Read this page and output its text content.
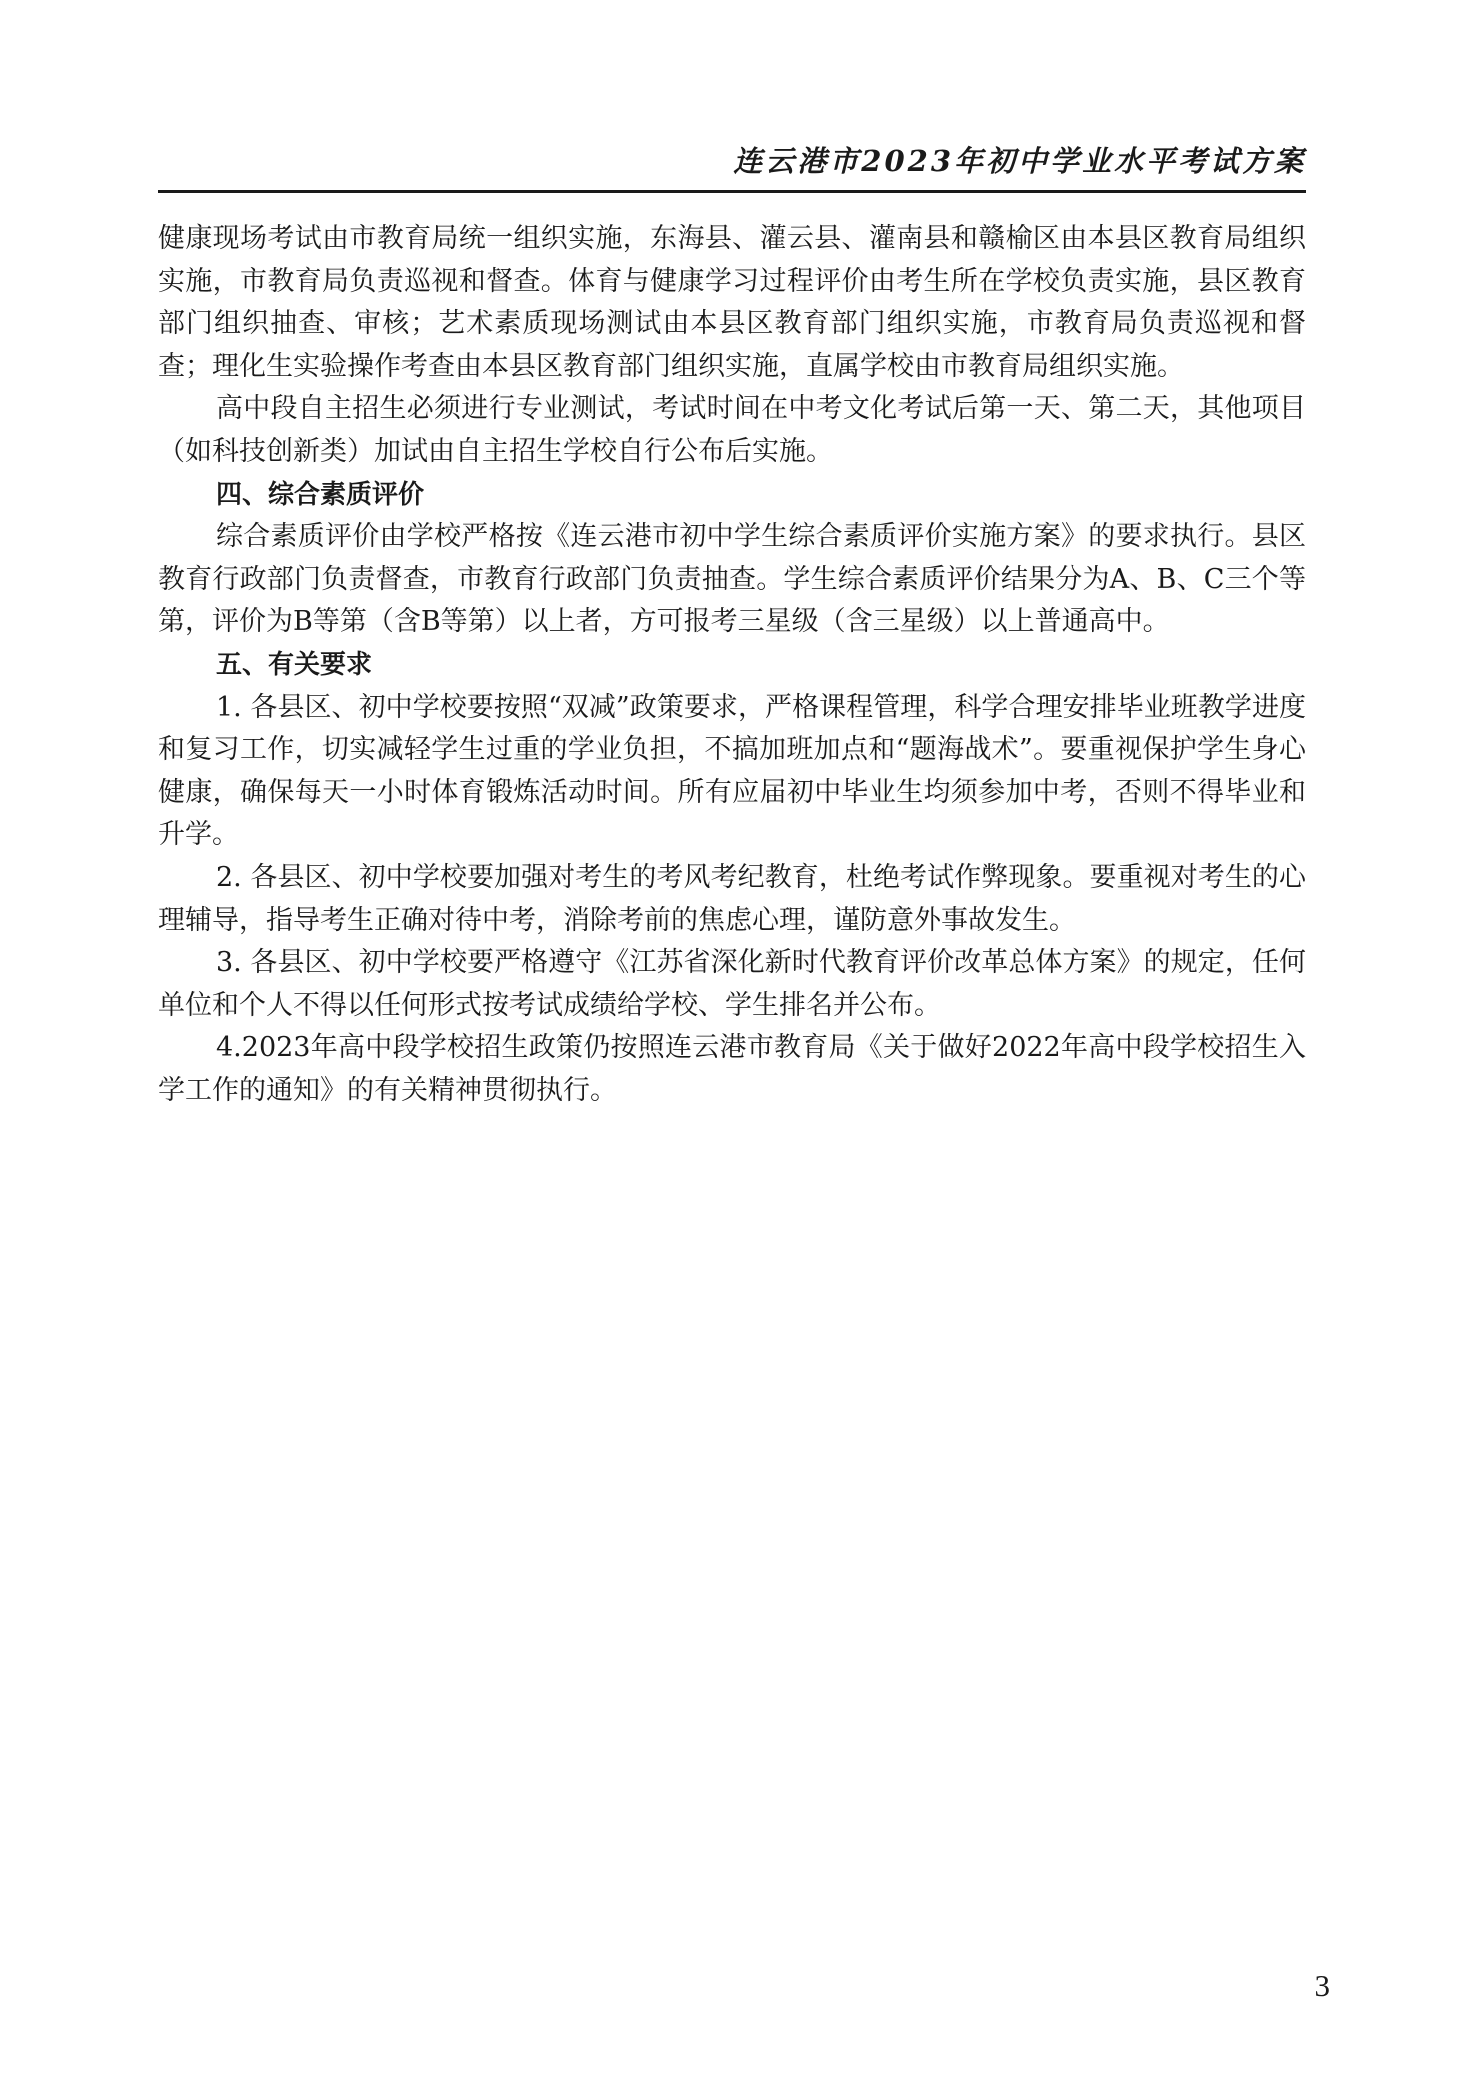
连云港市2023年初中学业水平考试方案

健康现场考试由市教育局统一组织实施，东海县、灌云县、灌南县和赣榆区由本县区教育局组织实施，市教育局负责巡视和督查。体育与健康学习过程评价由考生所在学校负责实施，县区教育部门组织抽查、审核；艺术素质现场测试由本县区教育部门组织实施，市教育局负责巡视和督查；理化生实验操作考查由本县区教育部门组织实施，直属学校由市教育局组织实施。

高中段自主招生必须进行专业测试，考试时间在中考文化考试后第一天、第二天，其他项目（如科技创新类）加试由自主招生学校自行公布后实施。

四、综合素质评价

综合素质评价由学校严格按《连云港市初中学生综合素质评价实施方案》的要求执行。县区教育行政部门负责督查，市教育行政部门负责抽查。学生综合素质评价结果分为A、B、C三个等第，评价为B等第（含B等第）以上者，方可报考三星级（含三星级）以上普通高中。

五、有关要求

1. 各县区、初中学校要按照“双减”政策要求，严格课程管理，科学合理安排毕业班教学进度和复习工作，切实减轻学生过重的学业负担，不搞加班加点和“题海战术”。要重视保护学生身心健康，确保每天一小时体育锻炼活动时间。所有应届初中毕业生均须参加中考，否则不得毕业和升学。

2. 各县区、初中学校要加强对考生的考风考纪教育，杜绝考试作弊现象。要重视对考生的心理辅导，指导考生正确对待中考，消除考前的焦虑心理，谨防意外事故发生。

3. 各县区、初中学校要严格遵守《江苏省深化新时代教育评价改革总体方案》的规定，任何单位和个人不得以任何形式按考试成绩给学校、学生排名并公布。

4.2023年高中段学校招生政策仍按照连云港市教育局《关于做好2022年高中段学校招生入学工作的通知》的有关精神贯彻执行。

3
